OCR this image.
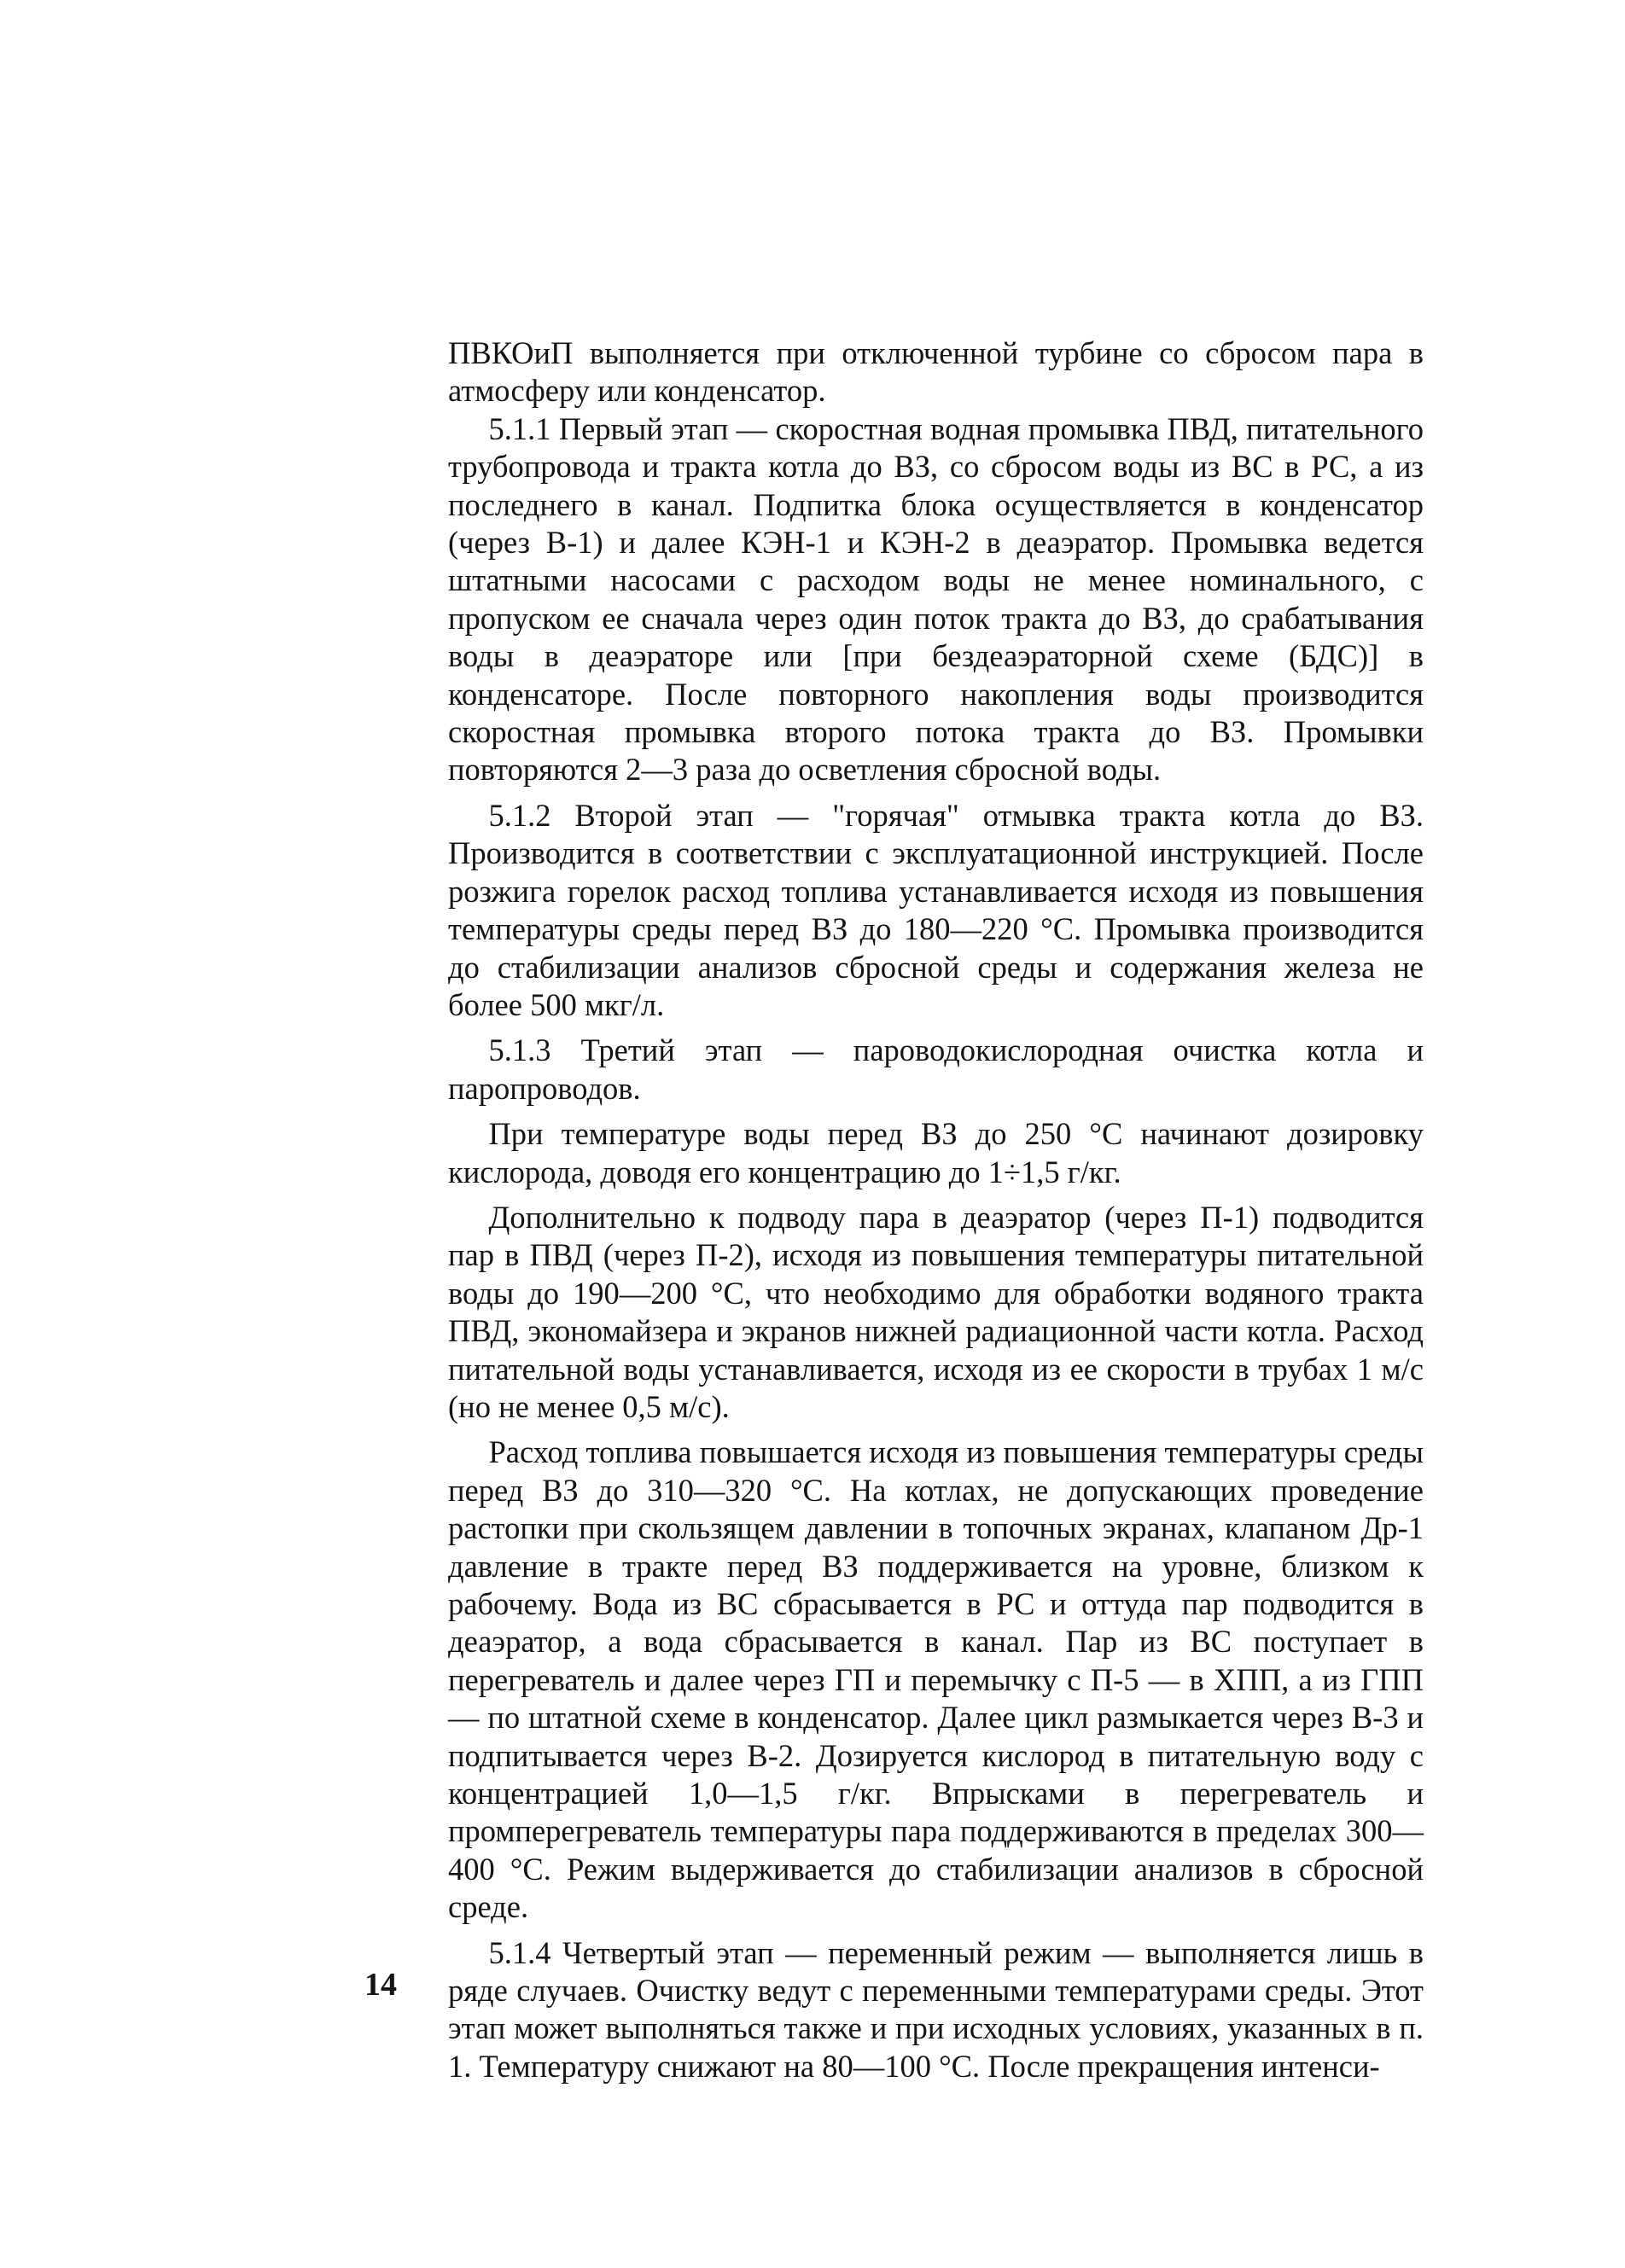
ПВКОиП выполняется при отключенной турбине со сбросом пара в атмосферу или конденсатор.

5.1.1 Первый этап — скоростная водная промывка ПВД, питательного трубопровода и тракта котла до ВЗ, со сбросом воды из ВС в РС, а из последнего в канал. Подпитка блока осуществляется в конденсатор (через В-1) и далее КЭН-1 и КЭН-2 в деаэратор. Промывка ведется штатными насосами с расходом воды не менее номинального, с пропуском ее сначала через один поток тракта до ВЗ, до срабатывания воды в деаэраторе или [при бездеаэраторной схеме (БДС)] в конденсаторе. После повторного накопления воды производится скоростная промывка второго потока тракта до ВЗ. Промывки повторяются 2—3 раза до осветления сбросной воды.

5.1.2 Второй этап — "горячая" отмывка тракта котла до ВЗ. Производится в соответствии с эксплуатационной инструкцией. После розжига горелок расход топлива устанавливается исходя из повышения температуры среды перед ВЗ до 180—220 °С. Промывка производится до стабилизации анализов сбросной среды и содержания железа не более 500 мкг/л.

5.1.3 Третий этап — пароводокислородная очистка котла и паропроводов.

При температуре воды перед ВЗ до 250 °С начинают дозировку кислорода, доводя его концентрацию до 1÷1,5 г/кг.

Дополнительно к подводу пара в деаэратор (через П-1) подводится пар в ПВД (через П-2), исходя из повышения температуры питательной воды до 190—200 °С, что необходимо для обработки водяного тракта ПВД, экономайзера и экранов нижней радиационной части котла. Расход питательной воды устанавливается, исходя из ее скорости в трубах 1 м/с (но не менее 0,5 м/с).

Расход топлива повышается исходя из повышения температуры среды перед ВЗ до 310—320 °С. На котлах, не допускающих проведение растопки при скользящем давлении в топочных экранах, клапаном Др-1 давление в тракте перед ВЗ поддерживается на уровне, близком к рабочему. Вода из ВС сбрасывается в РС и оттуда пар подводится в деаэратор, а вода сбрасывается в канал. Пар из ВС поступает в перегреватель и далее через ГП и перемычку с П-5 — в ХПП, а из ГПП — по штатной схеме в конденсатор. Далее цикл размыкается через В-3 и подпитывается через В-2. Дозируется кислород в питательную воду с концентрацией 1,0—1,5 г/кг. Впрысками в перегреватель и промперегреватель температуры пара поддерживаются в пределах 300—400 °С. Режим выдерживается до стабилизации анализов в сбросной среде.

5.1.4 Четвертый этап — переменный режим — выполняется лишь в ряде случаев. Очистку ведут с переменными температурами среды. Этот этап может выполняться также и при исходных условиях, указанных в п. 1. Температуру снижают на 80—100 °С. После прекращения интенси-

14
